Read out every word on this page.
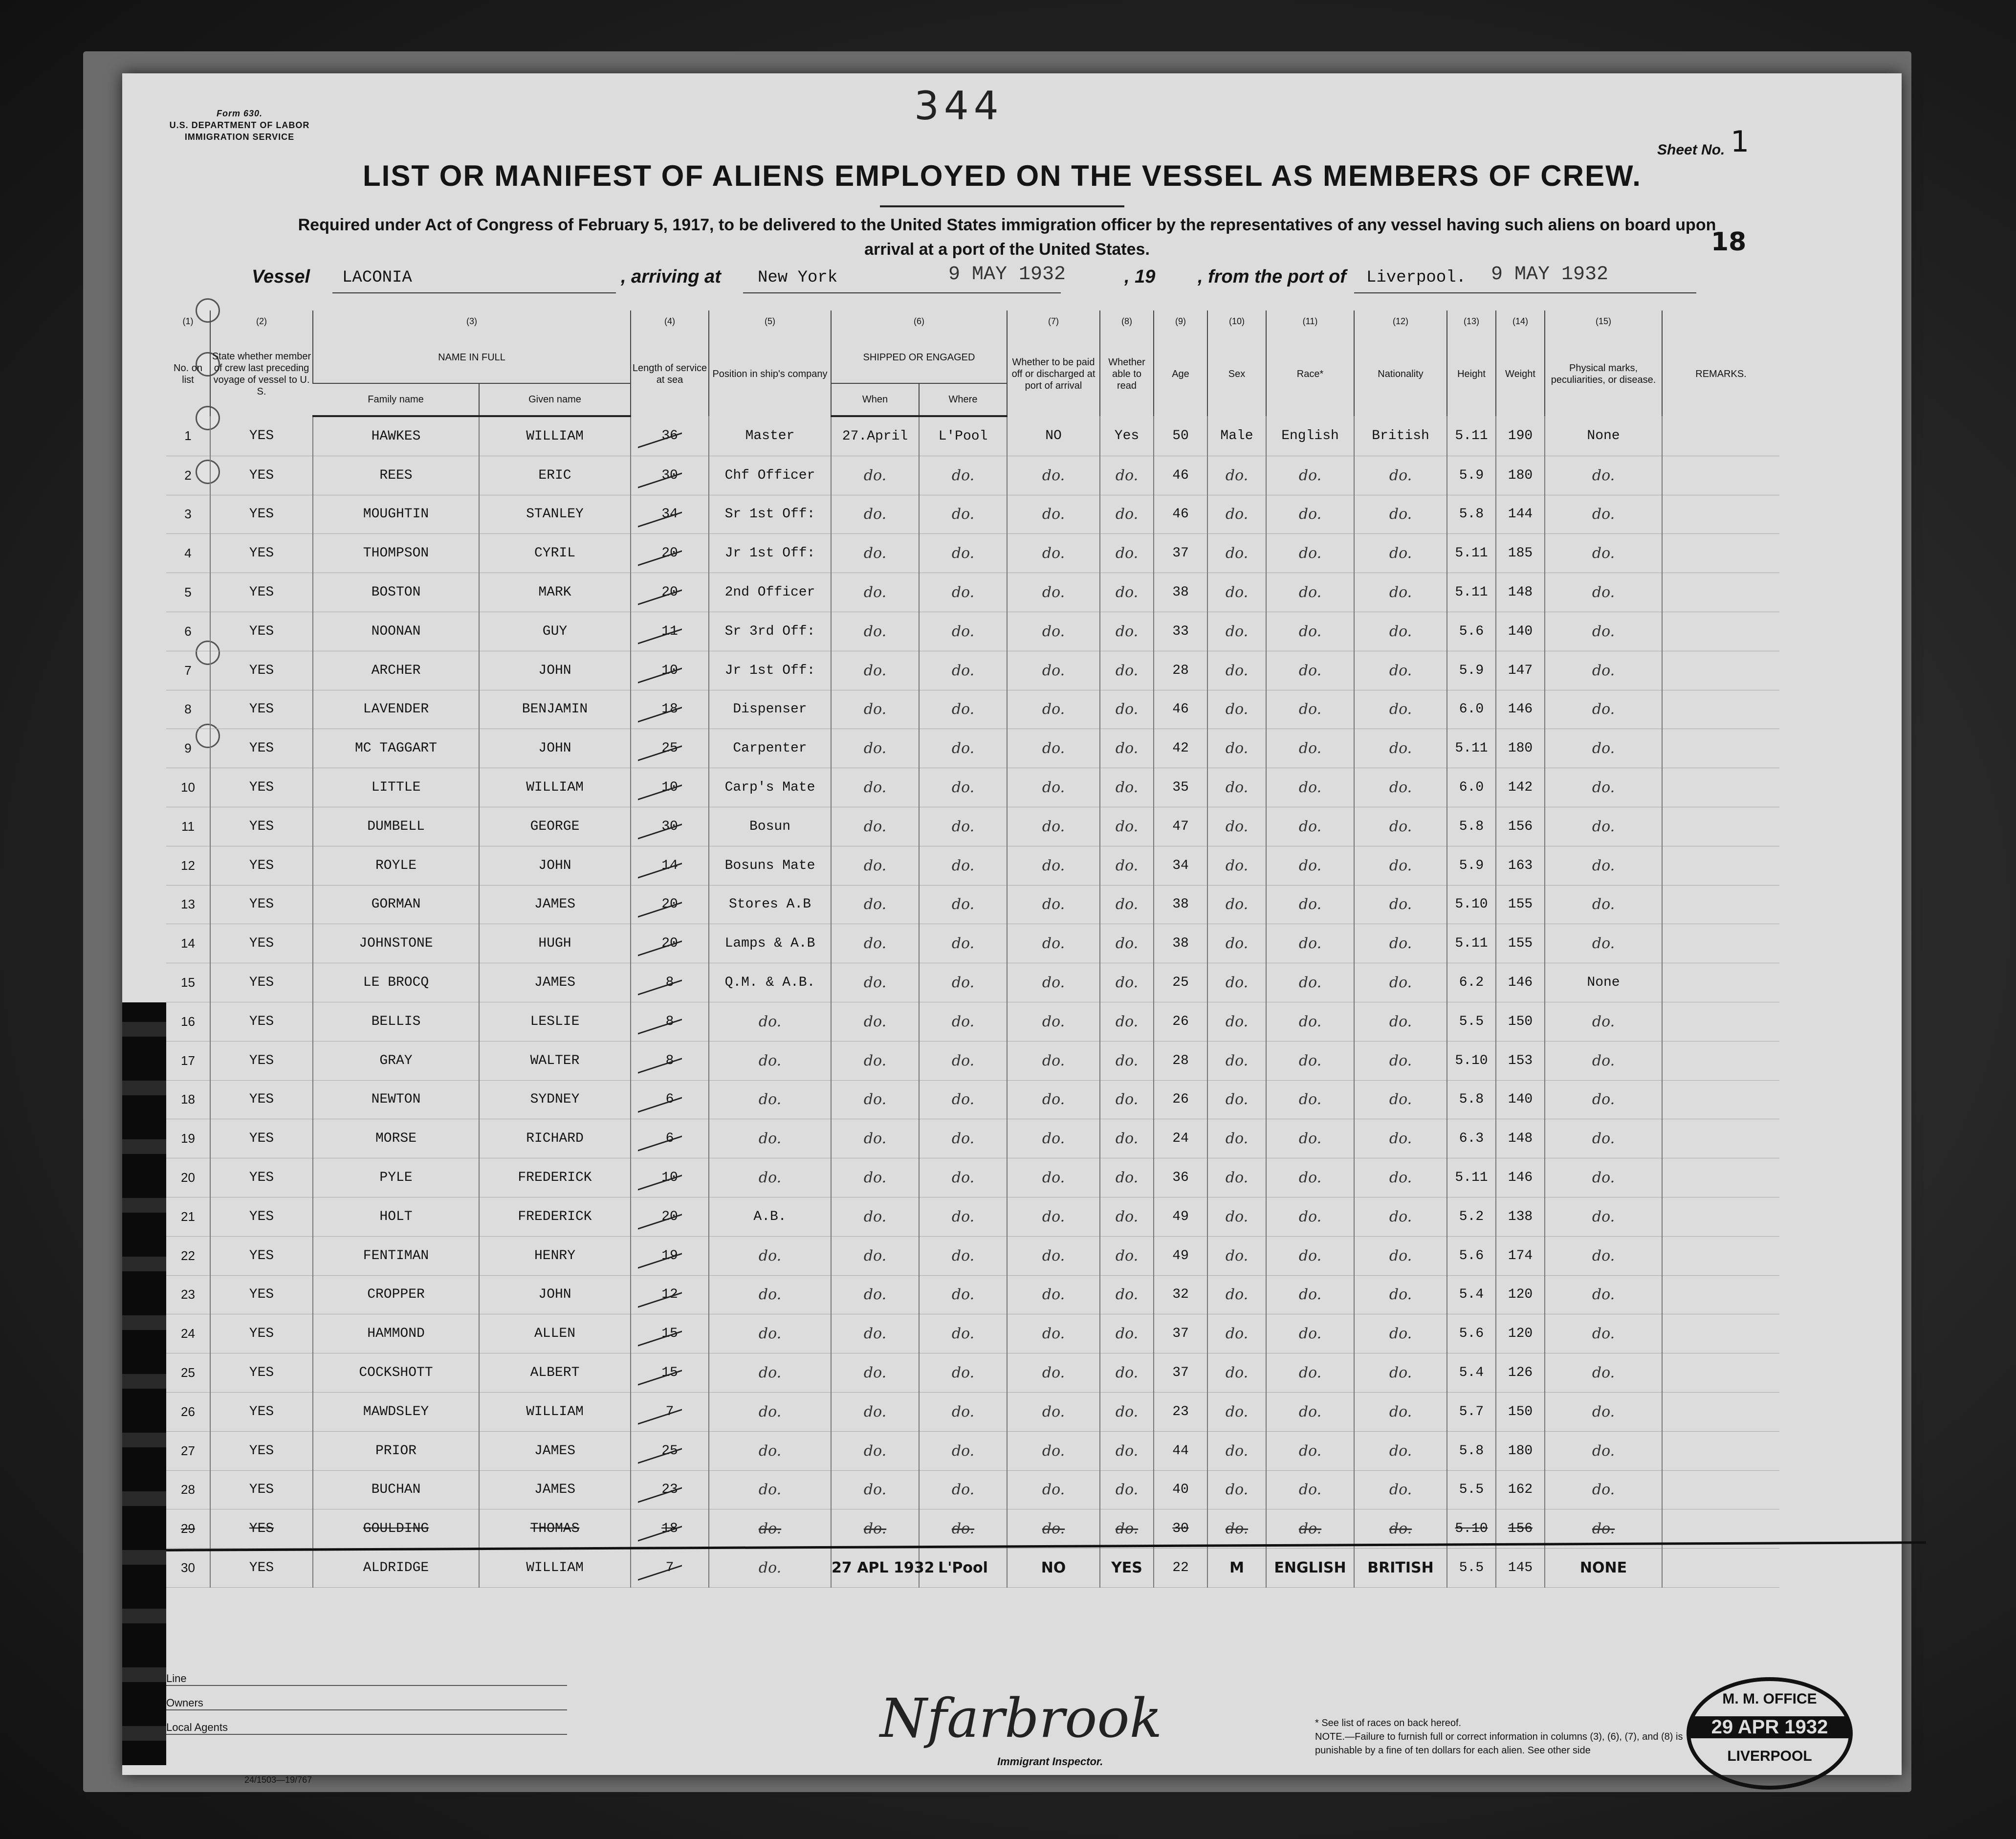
Form 630.
U.S. DEPARTMENT OF LABOR
IMMIGRATION SERVICE
344
Sheet No. 1
LIST OR MANIFEST OF ALIENS EMPLOYED ON THE VESSEL AS MEMBERS OF CREW.
Required under Act of Congress of February 5, 1917, to be delivered to the United States immigration officer by the representatives of any vessel having such aliens on board upon arrival at a port of the United States.	18
Vessel LACONIA	, arriving at New York	9 MAY 1932	, 19 , from the port of Liverpool. 9 MAY 1932
(1)	(2)	(3)		(4)	(5)	(6)		(7)	(8)	(9)	(10)	(11)	(12)	(13)	(14)	(15)	
No. on list	State whether member of crew last preceding voyage of vessel to U. S.	NAME IN FULL		Length of service at sea	Position in ship's company	SHIPPED OR ENGAGED		Whether to be paid off or discharged at port of arrival	Whether able to read	Age	Sex	Race*	Nationality	Height	Weight	Physical marks, peculiarities, or disease.	REMARKS.
		Family name	Given name			When	Where										
1	YES	HAWKES	WILLIAM	36	Master	27.April	L'Pool	NO	Yes	50	Male	English	British	5.11	190	None	
2	YES	REES	ERIC	30	Chf Officer	do.	do.	do.	do.	46	do.	do.	do.	5.9	180	do.	
3	YES	MOUGHTIN	STANLEY	34	Sr 1st Off:	do.	do.	do.	do.	46	do.	do.	do.	5.8	144	do.	
4	YES	THOMPSON	CYRIL	20	Jr 1st Off:	do.	do.	do.	do.	37	do.	do.	do.	5.11	185	do.	
5	YES	BOSTON	MARK	20	2nd Officer	do.	do.	do.	do.	38	do.	do.	do.	5.11	148	do.	
6	YES	NOONAN	GUY	11	Sr 3rd Off:	do.	do.	do.	do.	33	do.	do.	do.	5.6	140	do.	
7	YES	ARCHER	JOHN	10	Jr 1st Off:	do.	do.	do.	do.	28	do.	do.	do.	5.9	147	do.	
8	YES	LAVENDER	BENJAMIN	18	Dispenser	do.	do.	do.	do.	46	do.	do.	do.	6.0	146	do.	
9	YES	MC TAGGART	JOHN	25	Carpenter	do.	do.	do.	do.	42	do.	do.	do.	5.11	180	do.	
10	YES	LITTLE	WILLIAM	10	Carp's Mate	do.	do.	do.	do.	35	do.	do.	do.	6.0	142	do.	
11	YES	DUMBELL	GEORGE	30	Bosun	do.	do.	do.	do.	47	do.	do.	do.	5.8	156	do.	
12	YES	ROYLE	JOHN	14	Bosuns Mate	do.	do.	do.	do.	34	do.	do.	do.	5.9	163	do.	
13	YES	GORMAN	JAMES	20	Stores A.B	do.	do.	do.	do.	38	do.	do.	do.	5.10	155	do.	
14	YES	JOHNSTONE	HUGH	20	Lamps & A.B	do.	do.	do.	do.	38	do.	do.	do.	5.11	155	do.	
15	YES	LE BROCQ	JAMES	8	Q.M. & A.B.	do.	do.	do.	do.	25	do.	do.	do.	6.2	146	None	
16	YES	BELLIS	LESLIE	8	do.	do.	do.	do.	do.	26	do.	do.	do.	5.5	150	do.	
17	YES	GRAY	WALTER	8	do.	do.	do.	do.	do.	28	do.	do.	do.	5.10	153	do.	
18	YES	NEWTON	SYDNEY	6	do.	do.	do.	do.	do.	26	do.	do.	do.	5.8	140	do.	
19	YES	MORSE	RICHARD	6	do.	do.	do.	do.	do.	24	do.	do.	do.	6.3	148	do.	
20	YES	PYLE	FREDERICK	10	do.	do.	do.	do.	do.	36	do.	do.	do.	5.11	146	do.	
21	YES	HOLT	FREDERICK	20	A.B.	do.	do.	do.	do.	49	do.	do.	do.	5.2	138	do.	
22	YES	FENTIMAN	HENRY	19	do.	do.	do.	do.	do.	49	do.	do.	do.	5.6	174	do.	
23	YES	CROPPER	JOHN	12	do.	do.	do.	do.	do.	32	do.	do.	do.	5.4	120	do.	
24	YES	HAMMOND	ALLEN	15	do.	do.	do.	do.	do.	37	do.	do.	do.	5.6	120	do.	
25	YES	COCKSHOTT	ALBERT	15	do.	do.	do.	do.	do.	37	do.	do.	do.	5.4	126	do.	
26	YES	MAWDSLEY	WILLIAM	7	do.	do.	do.	do.	do.	23	do.	do.	do.	5.7	150	do.	
27	YES	PRIOR	JAMES	25	do.	do.	do.	do.	do.	44	do.	do.	do.	5.8	180	do.	
28	YES	BUCHAN	JAMES	23	do.	do.	do.	do.	do.	40	do.	do.	do.	5.5	162	do.	
29	YES	GOULDING	THOMAS	18	do.	do.	do.	do.	do.	30	do.	do.	do.	5.10	156	do.	
30	YES	ALDRIDGE	WILLIAM	7	do.	27 APL 1932	L'Pool	NO	YES	22	M	ENGLISH	BRITISH	5.5	145	NONE	
Line
Owners
Local Agents
24/1503—19/767
Nfarbrook
Immigrant Inspector.
* See list of races on back hereof.
NOTE.—Failure to furnish full or correct information in columns (3), (6), (7), and (8) is punishable by a fine of ten dollars for each alien. See other side
M. M. OFFICE
29 APR 1932
LIVERPOOL
